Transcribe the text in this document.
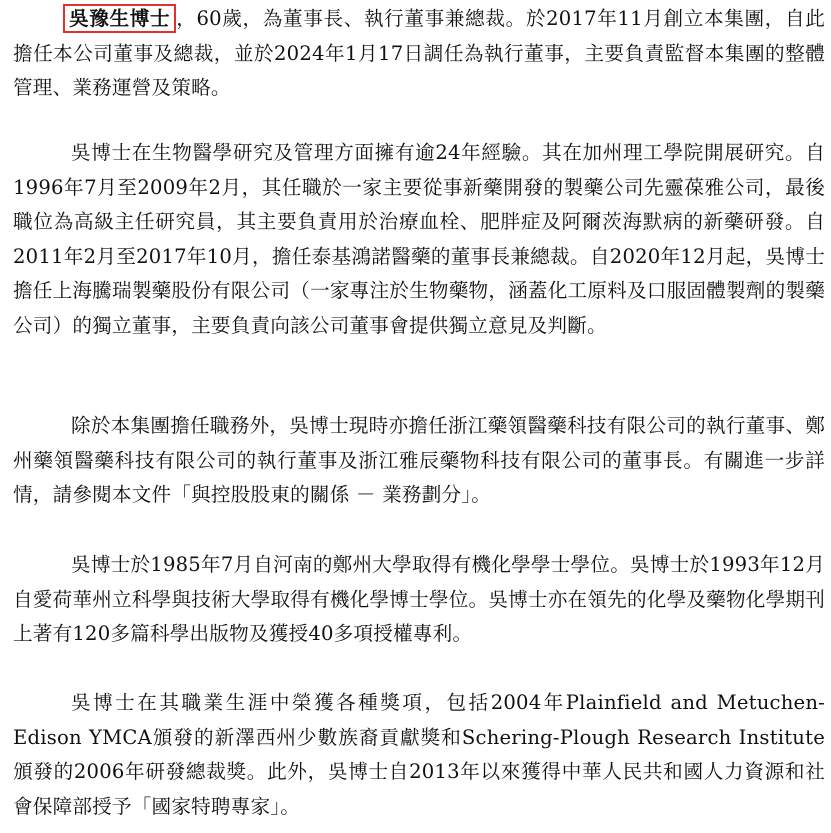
吳豫生博士 ，60歲，為董事長、執行董事兼總裁。於2017年11月創立本集團，自此擔任本公司董事及總裁，並於2024年1月17日調任為執行董事，主要負責監督本集團的整體管理、業務運營及策略。

吳博士在生物醫學研究及管理方面擁有逾24年經驗。其在加州理工學院開展研究。自1996年7月至2009年2月，其任職於一家主要從事新藥開發的製藥公司先靈葆雅公司，最後職位為高級主任研究員，其主要負責用於治療血栓、肥胖症及阿爾茨海默病的新藥研發。自2011年2月至2017年10月，擔任泰基鴻諾醫藥的董事長兼總裁。自2020年12月起，吳博士擔任上海騰瑞製藥股份有限公司（一家專注於生物藥物，涵蓋化工原料及口服固體製劑的製藥公司）的獨立董事，主要負責向該公司董事會提供獨立意見及判斷。

除於本集團擔任職務外，吳博士現時亦擔任浙江藥領醫藥科技有限公司的執行董事、鄭州藥領醫藥科技有限公司的執行董事及浙江雅辰藥物科技有限公司的董事長。有關進一步詳情，請參閱本文件「與控股股東的關係 － 業務劃分」。

吳博士於1985年7月自河南的鄭州大學取得有機化學學士學位。吳博士於1993年12月自愛荷華州立科學與技術大學取得有機化學博士學位。吳博士亦在領先的化學及藥物化學期刊上著有120多篇科學出版物及獲授40多項授權專利。

吳博士在其職業生涯中榮獲各種獎項，包括2004年Plainfield and Metuchen-Edison YMCA頒發的新澤西州少數族裔貢獻獎和Schering-Plough Research Institute頒發的2006年研發總裁獎。此外，吳博士自2013年以來獲得中華人民共和國人力資源和社會保障部授予「國家特聘專家」。
